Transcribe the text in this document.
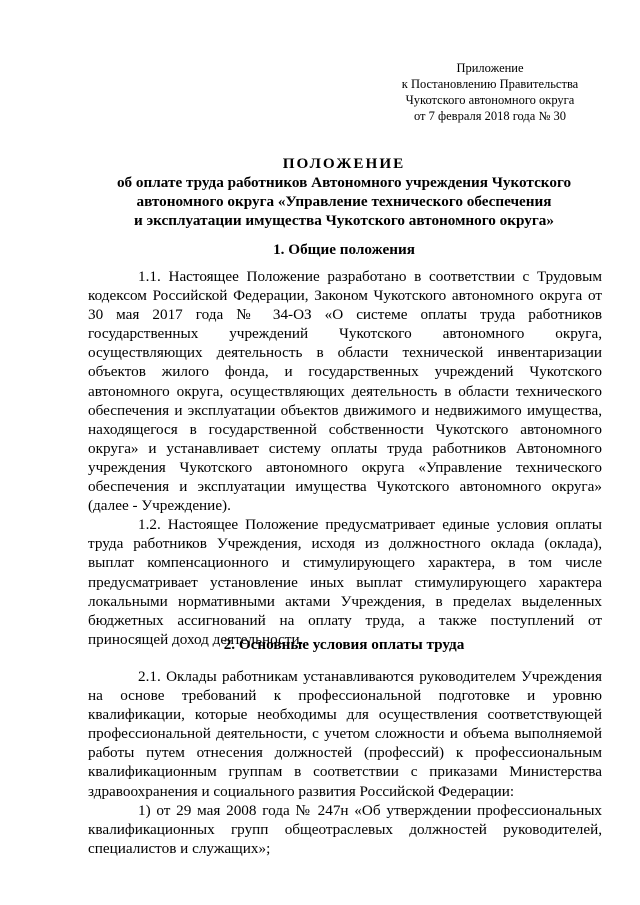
Приложение
к Постановлению Правительства
Чукотского автономного округа
от 7 февраля 2018 года № 30
ПОЛОЖЕНИЕ
об оплате труда работников Автономного учреждения Чукотского
автономного округа «Управление технического обеспечения
и эксплуатации имущества Чукотского автономного округа»
1. Общие положения

1.1. Настоящее Положение разработано в соответствии с Трудовым кодексом Российской Федерации, Законом Чукотского автономного округа от 30 мая 2017 года № 34-ОЗ «О системе оплаты труда работников государственных учреждений Чукотского автономного округа, осуществляющих деятельность в области технической инвентаризации объектов жилого фонда, и государственных учреждений Чукотского автономного округа, осуществляющих деятельность в области технического обеспечения и эксплуатации объектов движимого и недвижимого имущества, находящегося в государственной собственности Чукотского автономного округа» и устанавливает систему оплаты труда работников Автономного учреждения Чукотского автономного округа «Управление технического обеспечения и эксплуатации имущества Чукотского автономного округа» (далее - Учреждение).

1.2. Настоящее Положение предусматривает единые условия оплаты труда работников Учреждения, исходя из должностного оклада (оклада), выплат компенсационного и стимулирующего характера, в том числе предусматривает установление иных выплат стимулирующего характера локальными нормативными актами Учреждения, в пределах выделенных бюджетных ассигнований на оплату труда, а также поступлений от приносящей доход деятельности.

2. Основные условия оплаты труда

2.1. Оклады работникам устанавливаются руководителем Учреждения на основе требований к профессиональной подготовке и уровню квалификации, которые необходимы для осуществления соответствующей профессиональной деятельности, с учетом сложности и объема выполняемой работы путем отнесения должностей (профессий) к профессиональным квалификационным группам в соответствии с приказами Министерства здравоохранения и социального развития Российской Федерации:

1) от 29 мая 2008 года № 247н «Об утверждении профессиональных квалификационных групп общеотраслевых должностей руководителей, специалистов и служащих»;
